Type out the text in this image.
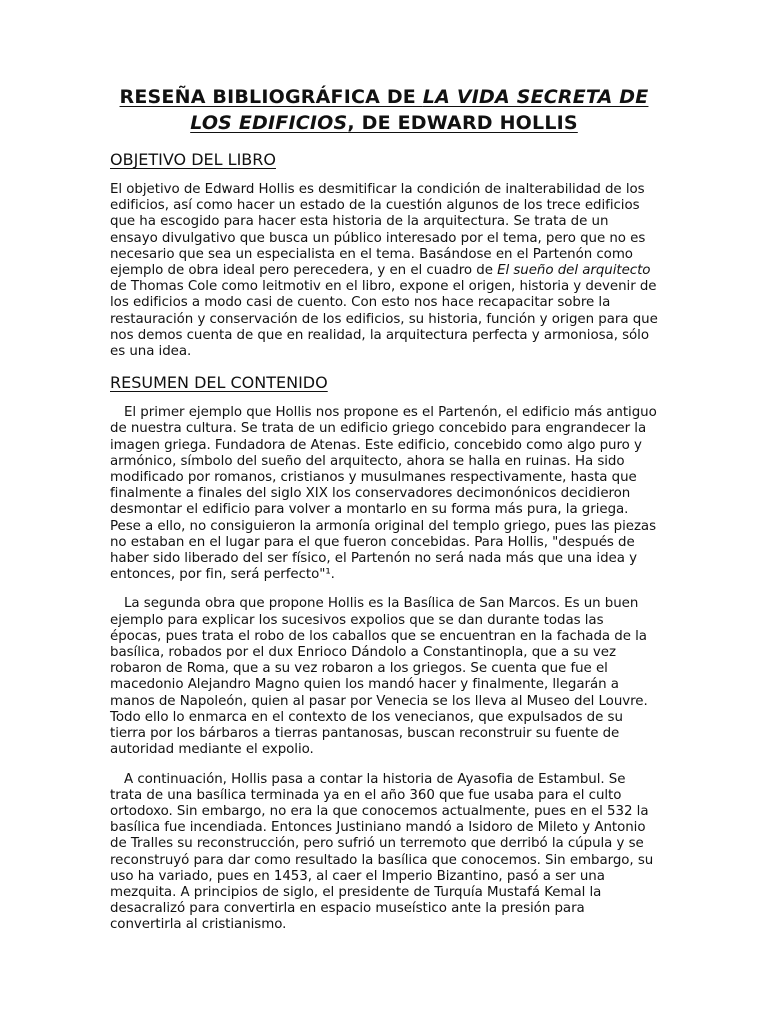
RESEÑA BIBLIOGRÁFICA DE LA VIDA SECRETA DE LOS EDIFICIOS, DE EDWARD HOLLIS
OBJETIVO DEL LIBRO

El objetivo de Edward Hollis es desmitificar la condición de inalterabilidad de los edificios, así como hacer un estado de la cuestión algunos de los trece edificios que ha escogido para hacer esta historia de la arquitectura. Se trata de un ensayo divulgativo que busca un público interesado por el tema, pero que no es necesario que sea un especialista en el tema. Basándose en el Partenón como ejemplo de obra ideal pero perecedera, y en el cuadro de El sueño del arquitecto de Thomas Cole como leitmotiv en el libro, expone el origen, historia y devenir de los edificios a modo casi de cuento. Con esto nos hace recapacitar sobre la restauración y conservación de los edificios, su historia, función y origen para que nos demos cuenta de que en realidad, la arquitectura perfecta y armoniosa, sólo es una idea.

RESUMEN DEL CONTENIDO

El primer ejemplo que Hollis nos propone es el Partenón, el edificio más antiguo de nuestra cultura. Se trata de un edificio griego concebido para engrandecer la imagen griega. Fundadora de Atenas. Este edificio, concebido como algo puro y armónico, símbolo del sueño del arquitecto, ahora se halla en ruinas. Ha sido modificado por romanos, cristianos y musulmanes respectivamente, hasta que finalmente a finales del siglo XIX los conservadores decimonónicos decidieron desmontar el edificio para volver a montarlo en su forma más pura, la griega. Pese a ello, no consiguieron la armonía original del templo griego, pues las piezas no estaban en el lugar para el que fueron concebidas. Para Hollis, "después de haber sido liberado del ser físico, el Partenón no será nada más que una idea y entonces, por fin, será perfecto"¹.

La segunda obra que propone Hollis es la Basílica de San Marcos. Es un buen ejemplo para explicar los sucesivos expolios que se dan durante todas las épocas, pues trata el robo de los caballos que se encuentran en la fachada de la basílica, robados por el dux Enrioco Dándolo a Constantinopla, que a su vez robaron de Roma, que a su vez robaron a los griegos. Se cuenta que fue el macedonio Alejandro Magno quien los mandó hacer y finalmente, llegarán a manos de Napoleón, quien al pasar por Venecia se los lleva al Museo del Louvre. Todo ello lo enmarca en el contexto de los venecianos, que expulsados de su tierra por los bárbaros a tierras pantanosas, buscan reconstruir su fuente de autoridad mediante el expolio.

A continuación, Hollis pasa a contar la historia de Ayasofia de Estambul. Se trata de una basílica terminada ya en el año 360 que fue usaba para el culto ortodoxo. Sin embargo, no era la que conocemos actualmente, pues en el 532 la basílica fue incendiada. Entonces Justiniano mandó a Isidoro de Mileto y Antonio de Tralles su reconstrucción, pero sufrió un terremoto que derribó la cúpula y se reconstruyó para dar como resultado la basílica que conocemos. Sin embargo, su uso ha variado, pues en 1453, al caer el Imperio Bizantino, pasó a ser una mezquita. A principios de siglo, el presidente de Turquía Mustafá Kemal la desacralizó para convertirla en espacio museístico ante la presión para convertirla al cristianismo.
